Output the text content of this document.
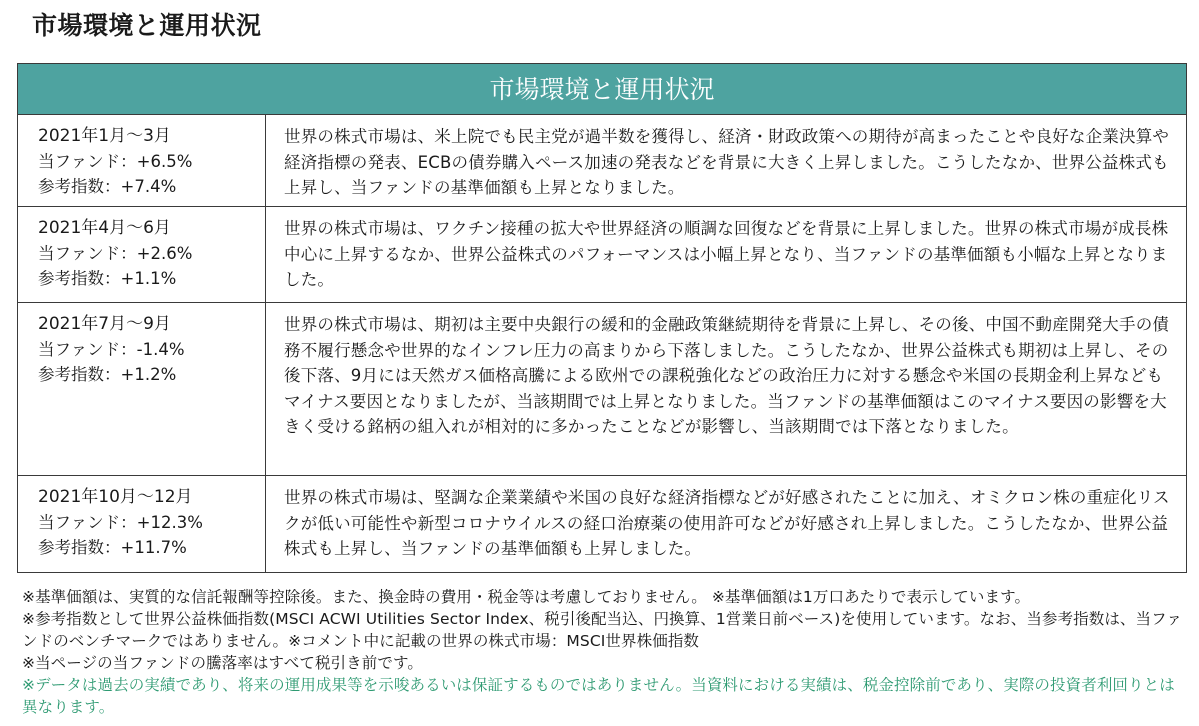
市場環境と運用状況
市場環境と運用状況
2021年1月～3月
当ファンド：+6.5%
参考指数：+7.4%
世界の株式市場は、米上院でも民主党が過半数を獲得し、経済・財政政策への期待が高まったことや良好な企業決算や経済指標の発表、ECBの債券購入ペース加速の発表などを背景に大きく上昇しました。こうしたなか、世界公益株式も上昇し、当ファンドの基準価額も上昇となりました。
2021年4月～6月
当ファンド：+2.6%
参考指数：+1.1%
世界の株式市場は、ワクチン接種の拡大や世界経済の順調な回復などを背景に上昇しました。世界の株式市場が成長株中心に上昇するなか、世界公益株式のパフォーマンスは小幅上昇となり、当ファンドの基準価額も小幅な上昇となりました。
2021年7月～9月
当ファンド：-1.4%
参考指数：+1.2%
世界の株式市場は、期初は主要中央銀行の緩和的金融政策継続期待を背景に上昇し、その後、中国不動産開発大手の債務不履行懸念や世界的なインフレ圧力の高まりから下落しました。こうしたなか、世界公益株式も期初は上昇し、その後下落、9月には天然ガス価格高騰による欧州での課税強化などの政治圧力に対する懸念や米国の長期金利上昇などもマイナス要因となりましたが、当該期間では上昇となりました。当ファンドの基準価額はこのマイナス要因の影響を大きく受ける銘柄の組入れが相対的に多かったことなどが影響し、当該期間では下落となりました。
2021年10月～12月
当ファンド：+12.3%
参考指数：+11.7%
世界の株式市場は、堅調な企業業績や米国の良好な経済指標などが好感されたことに加え、オミクロン株の重症化リスクが低い可能性や新型コロナウイルスの経口治療薬の使用許可などが好感され上昇しました。こうしたなか、世界公益株式も上昇し、当ファンドの基準価額も上昇しました。
※基準価額は、実質的な信託報酬等控除後。また、換金時の費用・税金等は考慮しておりません。 ※基準価額は1万口あたりで表示しています。
※参考指数として世界公益株価指数(MSCI ACWI Utilities Sector Index、税引後配当込、円換算、1営業日前ベース)を使用しています。なお、当参考指数は、当ファンドのベンチマークではありません。※コメント中に記載の世界の株式市場：MSCI世界株価指数
※当ページの当ファンドの騰落率はすべて税引き前です。
※データは過去の実績であり、将来の運用成果等を示唆あるいは保証するものではありません。当資料における実績は、税金控除前であり、実際の投資者利回りとは異なります。
